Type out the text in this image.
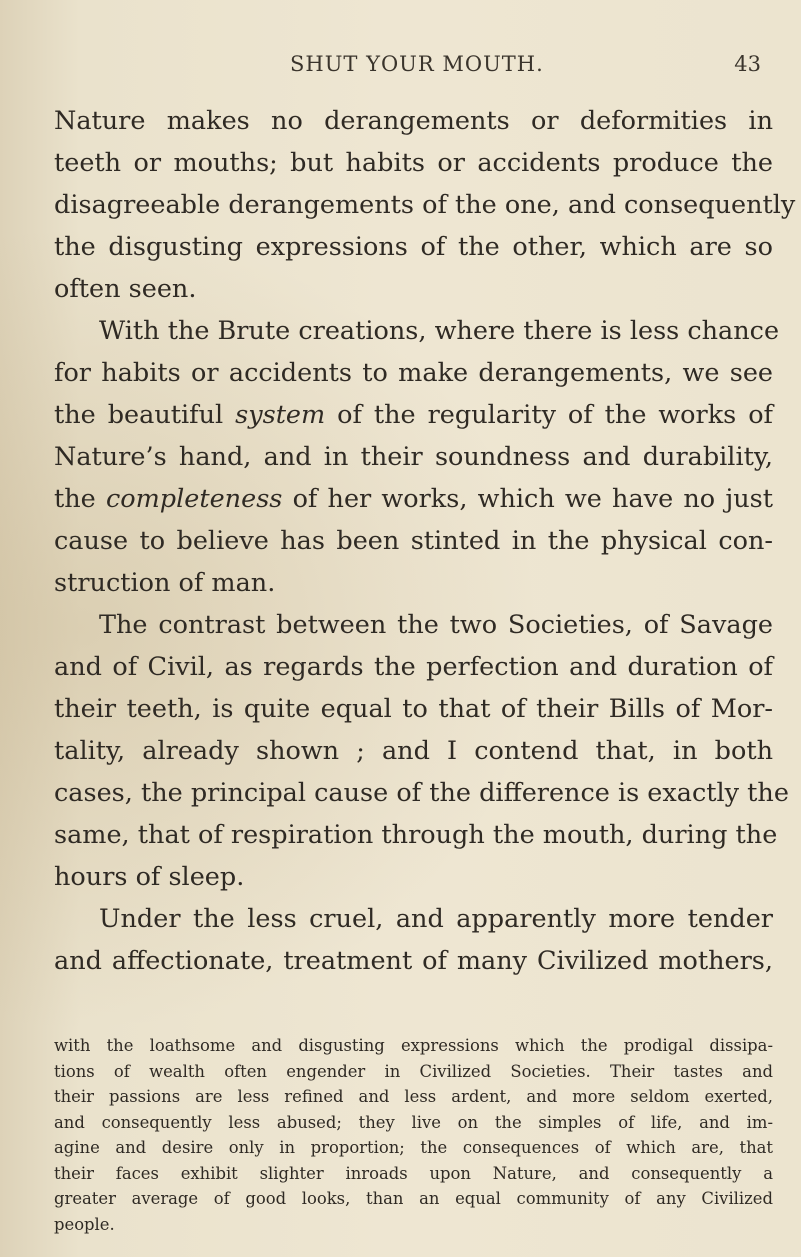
SHUT YOUR MOUTH.	43
Nature makes no derangements or deformities in
teeth or mouths; but habits or accidents produce the
disagreeable derangements of the one, and consequently
the disgusting expressions of the other, which are so
often seen.
With the Brute creations, where there is less chance
for habits or accidents to make derangements, we see
the beautiful system of the regularity of the works of
Nature’s hand, and in their soundness and durability,
the completeness of her works, which we have no just
cause to believe has been stinted in the physical con-
struction of man.
The contrast between the two Societies, of Savage
and of Civil, as regards the perfection and duration of
their teeth, is quite equal to that of their Bills of Mor-
tality, already shown ; and I contend that, in both
cases, the principal cause of the difference is exactly the
same, that of respiration through the mouth, during the
hours of sleep.
Under the less cruel, and apparently more tender
and affectionate, treatment of many Civilized mothers,
with the loathsome and disgusting expressions which the prodigal dissipa-
tions of wealth often engender in Civilized Societies. Their tastes and
their passions are less refined and less ardent, and more seldom exerted,
and consequently less abused; they live on the simples of life, and im-
agine and desire only in proportion; the consequences of which are, that
their faces exhibit slighter inroads upon Nature, and consequently a
greater average of good looks, than an equal community of any Civilized
people.
